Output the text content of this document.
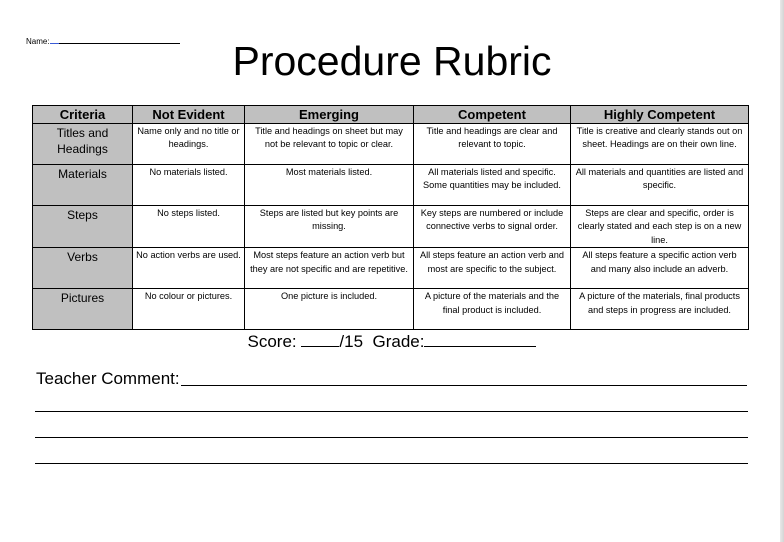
Name:	Procedure Rubric
Criteria	Not Evident	Emerging	Competent	Highly Competent
Titles and Headings	Name only and no title or headings.	Title and headings on sheet but may not be relevant to topic or clear.	Title and headings are clear and relevant to topic.	Title is creative and clearly stands out on sheet. Headings are on their own line.
Materials	No materials listed.	Most materials listed.	All materials listed and specific. Some quantities may be included.	All materials and quantities are listed and specific.
Steps	No steps listed.	Steps are listed but key points are missing.	Key steps are numbered or include connective verbs to signal order.	Steps are clear and specific, order is clearly stated and each step is on a new line.
Verbs	No action verbs are used.	Most steps feature an action verb but they are not specific and are repetitive.	All steps feature an action verb and most are specific to the subject.	All steps feature a specific action verb and many also include an adverb.
Pictures	No colour or pictures.	One picture is included.	A picture of the materials and the final product is included.	A picture of the materials, final products and steps in progress are included.
Score:	/15 Grade:
Teacher Comment:
